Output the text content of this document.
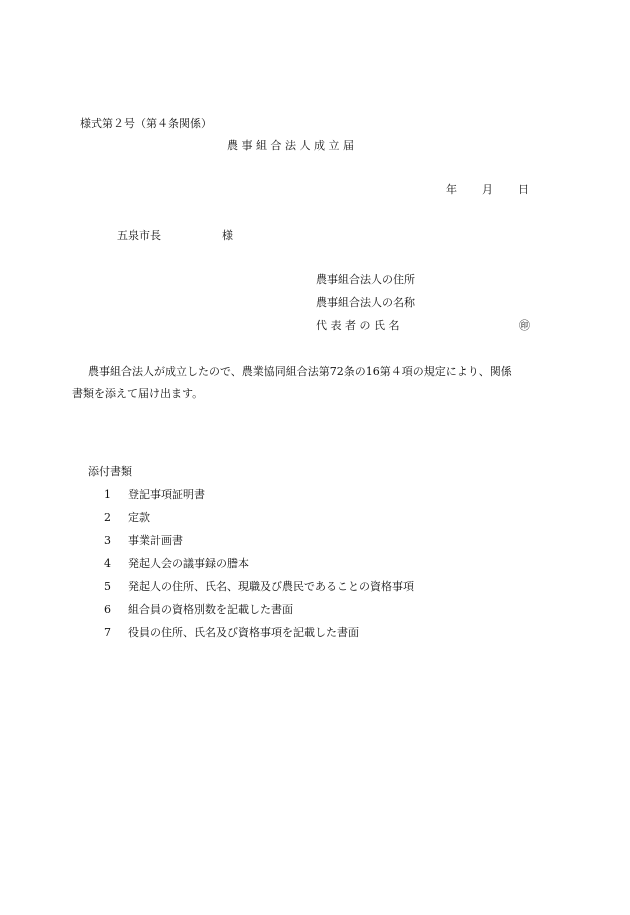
様式第２号（第４条関係）
農 事 組 合 法 人 成 立 届
年 月 日
五泉市長	様
農事組合法人の住所
農事組合法人の名称
代 表 者 の 氏 名	㊞
農事組合法人が成立したので、農業協同組合法第72条の16第４項の規定により、関係
書類を添えて届け出ます。
添付書類
1 登記事項証明書
2 定款
3 事業計画書
4 発起人会の議事録の謄本
5 発起人の住所、氏名、現職及び農民であることの資格事項
6 組合員の資格別数を記載した書面
7 役員の住所、氏名及び資格事項を記載した書面
